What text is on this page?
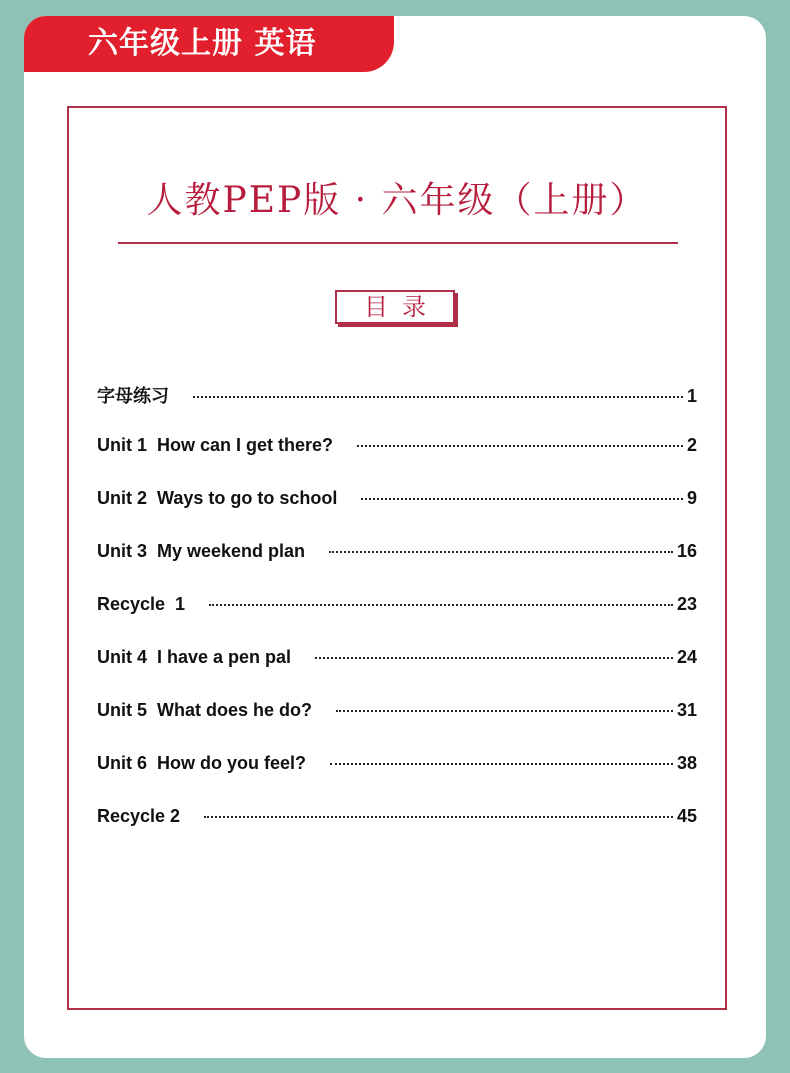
六年级上册 英语
人教PEP版 · 六年级（上册）
目录
字母练习	1
Unit 1  How can I get there?	2
Unit 2  Ways to go to school	9
Unit 3  My weekend plan	16
Recycle  1	23
Unit 4  I have a pen pal	24
Unit 5  What does he do?	31
Unit 6  How do you feel?	38
Recycle 2	45
